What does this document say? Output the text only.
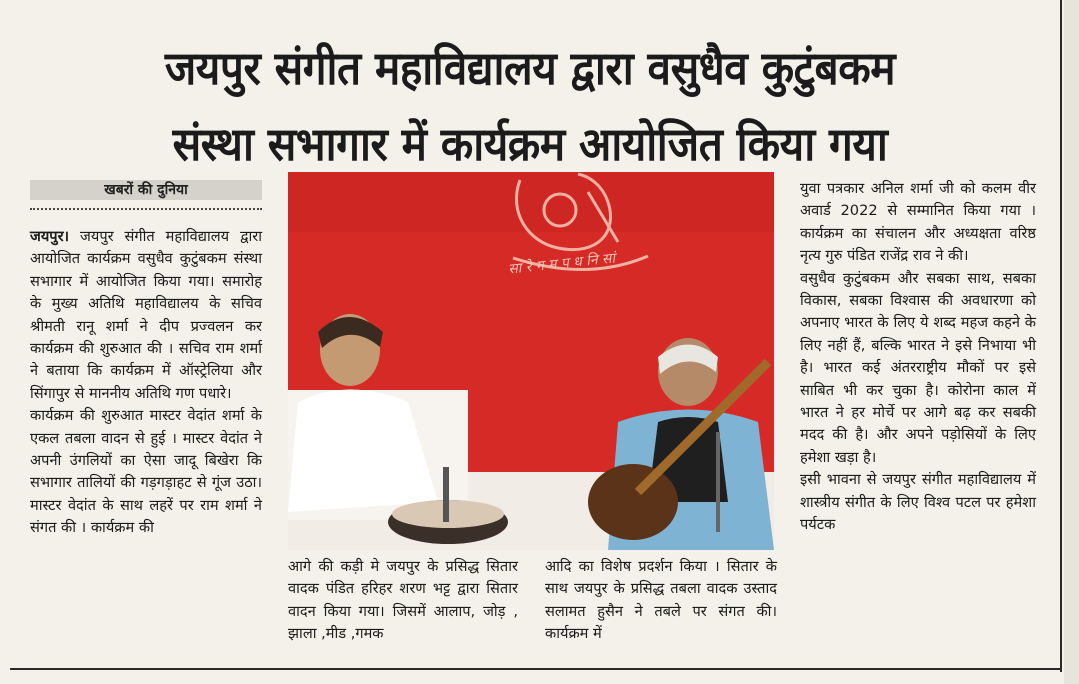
जयपुर संगीत महाविद्यालय द्वारा वसुधैव कुटुंबकम
संस्था सभागार में कार्यक्रम आयोजित किया गया
खबरों की दुनिया

जयपुर। जयपुर संगीत महाविद्यालय द्वारा आयोजित कार्यक्रम वसुधैव कुटुंबकम संस्था सभागार में आयोजित किया गया। समारोह के मुख्य अतिथि महाविद्यालय के सचिव श्रीमती रानू शर्मा ने दीप प्रज्वलन कर कार्यक्रम की शुरुआत की । सचिव राम शर्मा ने बताया कि कार्यक्रम में ऑस्ट्रेलिया और सिंगापुर से माननीय अतिथि गण पधारे।

कार्यक्रम की शुरुआत मास्टर वेदांत शर्मा के एकल तबला वादन से हुई । मास्टर वेदांत ने अपनी उंगलियों का ऐसा जादू बिखेरा कि सभागार तालियों की गड़गड़ाहट से गूंज उठा। मास्टर वेदांत के साथ लहरें पर राम शर्मा ने संगत की । कार्यक्रम की

सा रे ग म प ध नि सां

आगे की कड़ी मे जयपुर के प्रसिद्ध सितार वादक पंडित हरिहर शरण भट्ट द्वारा सितार वादन किया गया। जिसमें आलाप, जोड़ , झाला ,मीड ,गमक

आदि का विशेष प्रदर्शन किया । सितार के साथ जयपुर के प्रसिद्ध तबला वादक उस्ताद सलामत हुसैन ने तबले पर संगत की। कार्यक्रम में

युवा पत्रकार अनिल शर्मा जी को कलम वीर अवार्ड 2022 से सम्मानित किया गया । कार्यक्रम का संचालन और अध्यक्षता वरिष्ठ नृत्य गुरु पंडित राजेंद्र राव ने की।

वसुधैव कुटुंबकम और सबका साथ, सबका विकास, सबका विश्वास की अवधारणा को अपनाए भारत के लिए ये शब्द महज कहने के लिए नहीं हैं, बल्कि भारत ने इसे निभाया भी है। भारत कई अंतरराष्ट्रीय मौकों पर इसे साबित भी कर चुका है। कोरोना काल में भारत ने हर मोर्चे पर आगे बढ़ कर सबकी मदद की है। और अपने पड़ोसियों के लिए हमेशा खड़ा है।

इसी भावना से जयपुर संगीत महाविद्यालय में शास्त्रीय संगीत के लिए विश्व पटल पर हमेशा पर्यटक
